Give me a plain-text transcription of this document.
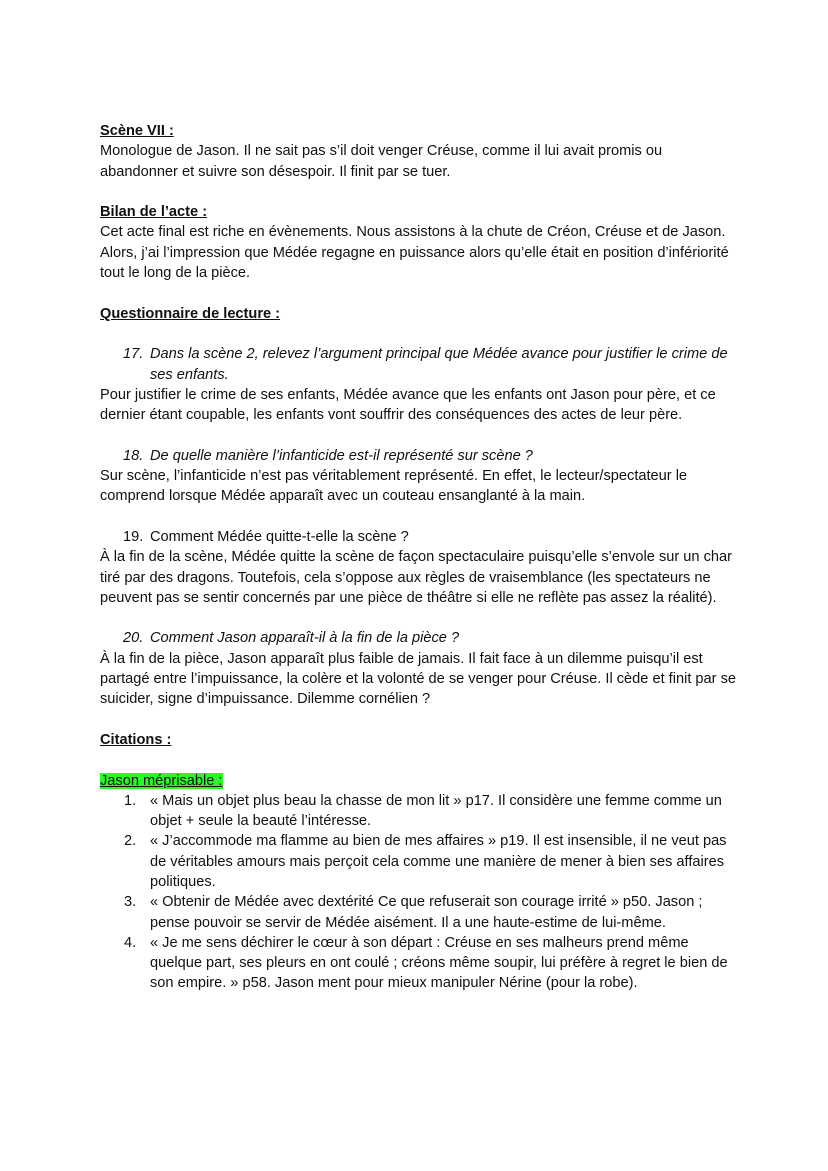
Scène VII :

Monologue de Jason. Il ne sait pas s’il doit venger Créuse, comme il lui avait promis ou abandonner et suivre son désespoir. Il finit par se tuer.

Bilan de l’acte :

Cet acte final est riche en évènements. Nous assistons à la chute de Créon, Créuse et de Jason. Alors, j’ai l’impression que Médée regagne en puissance alors qu’elle était en position d’infériorité tout le long de la pièce.

Questionnaire de lecture :

17. Dans la scène 2, relevez l’argument principal que Médée avance pour justifier le crime de ses enfants.

Pour justifier le crime de ses enfants, Médée avance que les enfants ont Jason pour père, et ce dernier étant coupable, les enfants vont souffrir des conséquences des actes de leur père.

18. De quelle manière l’infanticide est-il représenté sur scène ?

Sur scène, l’infanticide n’est pas véritablement représenté. En effet, le lecteur/spectateur le comprend lorsque Médée apparaît avec un couteau ensanglanté à la main.

19. Comment Médée quitte-t-elle la scène ?

À la fin de la scène, Médée quitte la scène de façon spectaculaire puisqu’elle s’envole sur un char tiré par des dragons. Toutefois, cela s’oppose aux règles de vraisemblance (les spectateurs ne peuvent pas se sentir concernés par une pièce de théâtre si elle ne reflète pas assez la réalité).

20. Comment Jason apparaît-il à la fin de la pièce ?

À la fin de la pièce, Jason apparaît plus faible de jamais. Il fait face à un dilemme puisqu’il est partagé entre l’impuissance, la colère et la volonté de se venger pour Créuse. Il cède et finit par se suicider, signe d’impuissance. Dilemme cornélien ?

Citations :

Jason méprisable :

1. « Mais un objet plus beau la chasse de mon lit » p17. Il considère une femme comme un objet + seule la beauté l’intéresse.
2. « J’accommode ma flamme au bien de mes affaires » p19. Il est insensible, il ne veut pas de véritables amours mais perçoit cela comme une manière de mener à bien ses affaires politiques.
3. « Obtenir de Médée avec dextérité Ce que refuserait son courage irrité » p50. Jason ; pense pouvoir se servir de Médée aisément. Il a une haute-estime de lui-même.
4. « Je me sens déchirer le cœur à son départ : Créuse en ses malheurs prend même quelque part, ses pleurs en ont coulé ; créons même soupir, lui préfère à regret le bien de son empire. » p58. Jason ment pour mieux manipuler Nérine (pour la robe).
